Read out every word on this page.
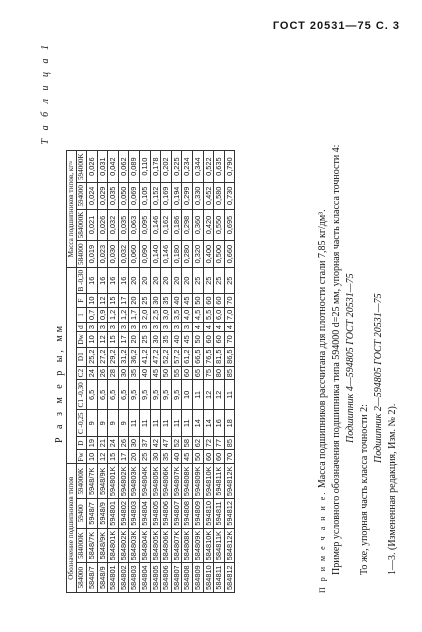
ГОСТ 20531—75 С. 3
Т а б л и ц а 1
Р а з м е р ы, мм
Обозначение подшипников типов															Масса подшипников типов, кг≈			
584000	584000K	59400	594000K	Fw	D	C -0,25	C1 -0,30	C2	D1	Dw	d	l	F	B -0,30	584000	584000K	594000	594000K
5848/7	5848/7K	5948/7	5948/7K	10	19	9	6,5	24	25,2	10	3	0,7	10	16	0,019	0,021	0,024	0,026
5848/9	5848/9K	5948/9	5948/9K	12	21	9	6,5	26	27,2	12	3	0,9	12	16	0,023	0,026	0,029	0,031
584801	584801K	594801	594801K	15	24	9	6,5	28	29,2	15	3	1,2	15	16	0,030	0,032	0,035	0,042
584802	584802K	594802	594802K	17	26	9	6,5	30	31,2	17	3	1,2	17	16	0,032	0,035	0,050	0,062
584803	584803K	594803	594803K	20	30	11	9,5	35	36,2	20	3	1,7	20	20	0,060	0,063	0,069	0,089
584804	584804K	594804	594804K	25	37	11	9,5	40	41,2	25	3	2,0	25	20	0,090	0,095	0,105	0,110
584805	584805K	594805	594805K	30	42	11	9,5	45	47,2	30	3	2,5	30	20	0,140	0,146	0,152	0,178
584806	584806K	594806	594806K	35	47	11	9,5	50	52,2	35	3	3,0	35	20	0,146	0,162	0,169	0,202
584807	584807K	594807	594807K	40	52	11	9,5	55	57,2	40	3	3,5	40	20	0,180	0,186	0,194	0,225
584808	584808K	594808	594808K	45	58	11	10	60	61,2	45	3	4,0	45	20	0,280	0,298	0,299	0,234
584809	584809K	594809	594809K	50	62	14	11	65	66,5	50	4	4,5	50	25	0,320	0,360	0,330	0,344
584810	584810K	594810	594810K	60	72	14	12	75	76,5	60	4	5,5	60	25	0,400	0,420	0,452	0,522
584811	584811K	594811	594811K	60	77	16	12	80	81,5	60	4	6,0	60	25	0,500	0,550	0,580	0,635
584812	584812K	594812	594812K	70	85	18	11	85	86,5	70	4	7,0	70	25	0,660	0,695	0,730	0,790
П р и м е ч а н и е. Масса подшипников рассчитана для плотности стали 7,85 кг/дм³. Пример условного обозначения подшипника типа 594000 d=25 мм, упорная часть класса точности 4: Подшипник 4—594805 ГОСТ 20531—75
То же, упорная часть класса точности 2:
Подшипник 2—594805 ГОСТ 20531—75
1—3. (Измененная редакция, Изм. № 2).
